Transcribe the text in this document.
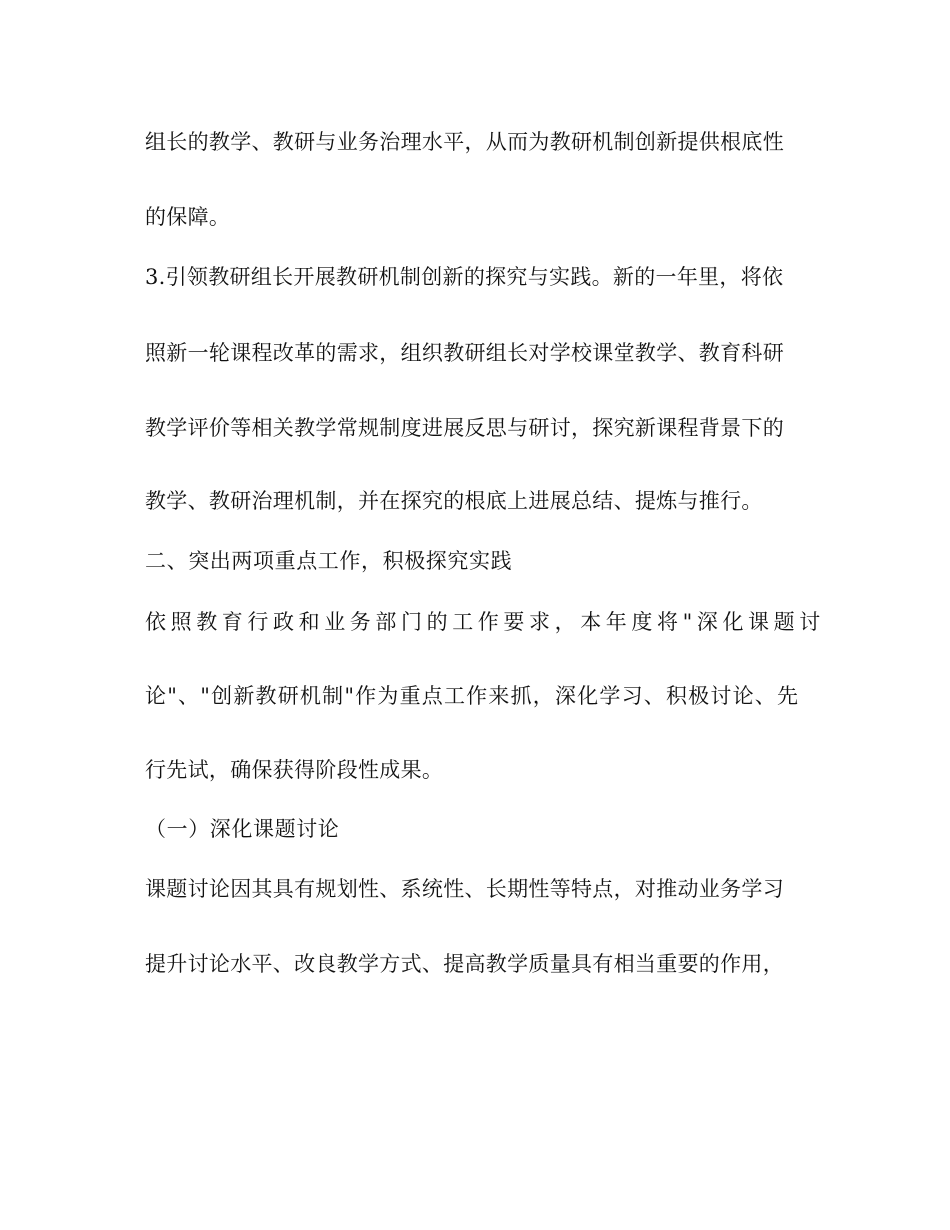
组长的教学、教研与业务治理水平，从而为教研机制创新提供根底性
的保障。
3.引领教研组长开展教研机制创新的探究与实践。新的一年里，将依
照新一轮课程改革的需求，组织教研组长对学校课堂教学、教育科研
教学评价等相关教学常规制度进展反思与研讨，探究新课程背景下的
教学、教研治理机制，并在探究的根底上进展总结、提炼与推行。
二、突出两项重点工作，积极探究实践
依照教育行政和业务部门的工作要求，本年度将"深化课题讨
论"、"创新教研机制"作为重点工作来抓，深化学习、积极讨论、先
行先试，确保获得阶段性成果。
（一）深化课题讨论
课题讨论因其具有规划性、系统性、长期性等特点，对推动业务学习
提升讨论水平、改良教学方式、提高教学质量具有相当重要的作用，
